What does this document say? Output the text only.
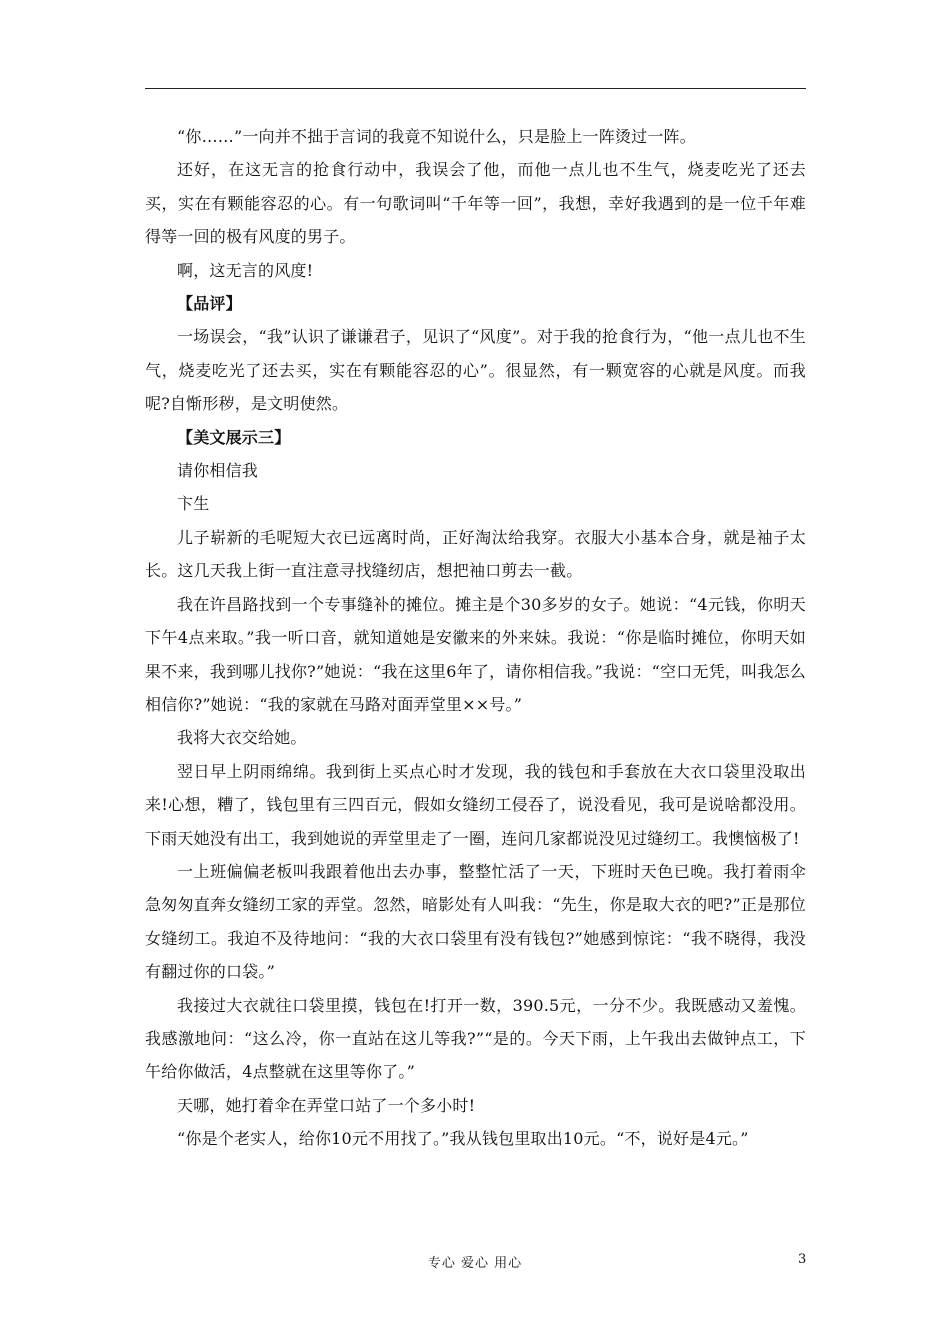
“你……”一向并不拙于言词的我竟不知说什么，只是脸上一阵烫过一阵。

还好，在这无言的抢食行动中，我误会了他，而他一点儿也不生气，烧麦吃光了还去买，实在有颗能容忍的心。有一句歌词叫“千年等一回”，我想，幸好我遇到的是一位千年难得等一回的极有风度的男子。

啊，这无言的风度!

【品评】

一场误会，“我”认识了谦谦君子，见识了“风度”。对于我的抢食行为，“他一点儿也不生气，烧麦吃光了还去买，实在有颗能容忍的心”。很显然，有一颗宽容的心就是风度。而我呢?自惭形秽，是文明使然。

【美文展示三】

请你相信我

卞生

儿子崭新的毛呢短大衣已远离时尚，正好淘汰给我穿。衣服大小基本合身，就是袖子太长。这几天我上街一直注意寻找缝纫店，想把袖口剪去一截。

我在许昌路找到一个专事缝补的摊位。摊主是个30多岁的女子。她说：“4元钱，你明天下午4点来取。”我一听口音，就知道她是安徽来的外来妹。我说：“你是临时摊位，你明天如果不来，我到哪儿找你?”她说：“我在这里6年了，请你相信我。”我说：“空口无凭，叫我怎么相信你?”她说：“我的家就在马路对面弄堂里××号。”

我将大衣交给她。

翌日早上阴雨绵绵。我到街上买点心时才发现，我的钱包和手套放在大衣口袋里没取出来!心想，糟了，钱包里有三四百元，假如女缝纫工侵吞了，说没看见，我可是说啥都没用。下雨天她没有出工，我到她说的弄堂里走了一圈，连问几家都说没见过缝纫工。我懊恼极了!

一上班偏偏老板叫我跟着他出去办事，整整忙活了一天，下班时天色已晚。我打着雨伞急匆匆直奔女缝纫工家的弄堂。忽然，暗影处有人叫我：“先生，你是取大衣的吧?”正是那位女缝纫工。我迫不及待地问：“我的大衣口袋里有没有钱包?”她感到惊诧：“我不晓得，我没有翻过你的口袋。”

我接过大衣就往口袋里摸，钱包在!打开一数，390.5元，一分不少。我既感动又羞愧。我感激地问：“这么冷，你一直站在这儿等我?”“是的。今天下雨，上午我出去做钟点工，下午给你做活，4点整就在这里等你了。”

天哪，她打着伞在弄堂口站了一个多小时!

“你是个老实人，给你10元不用找了。”我从钱包里取出10元。“不，说好是4元。”

专心 爱心 用心	3
